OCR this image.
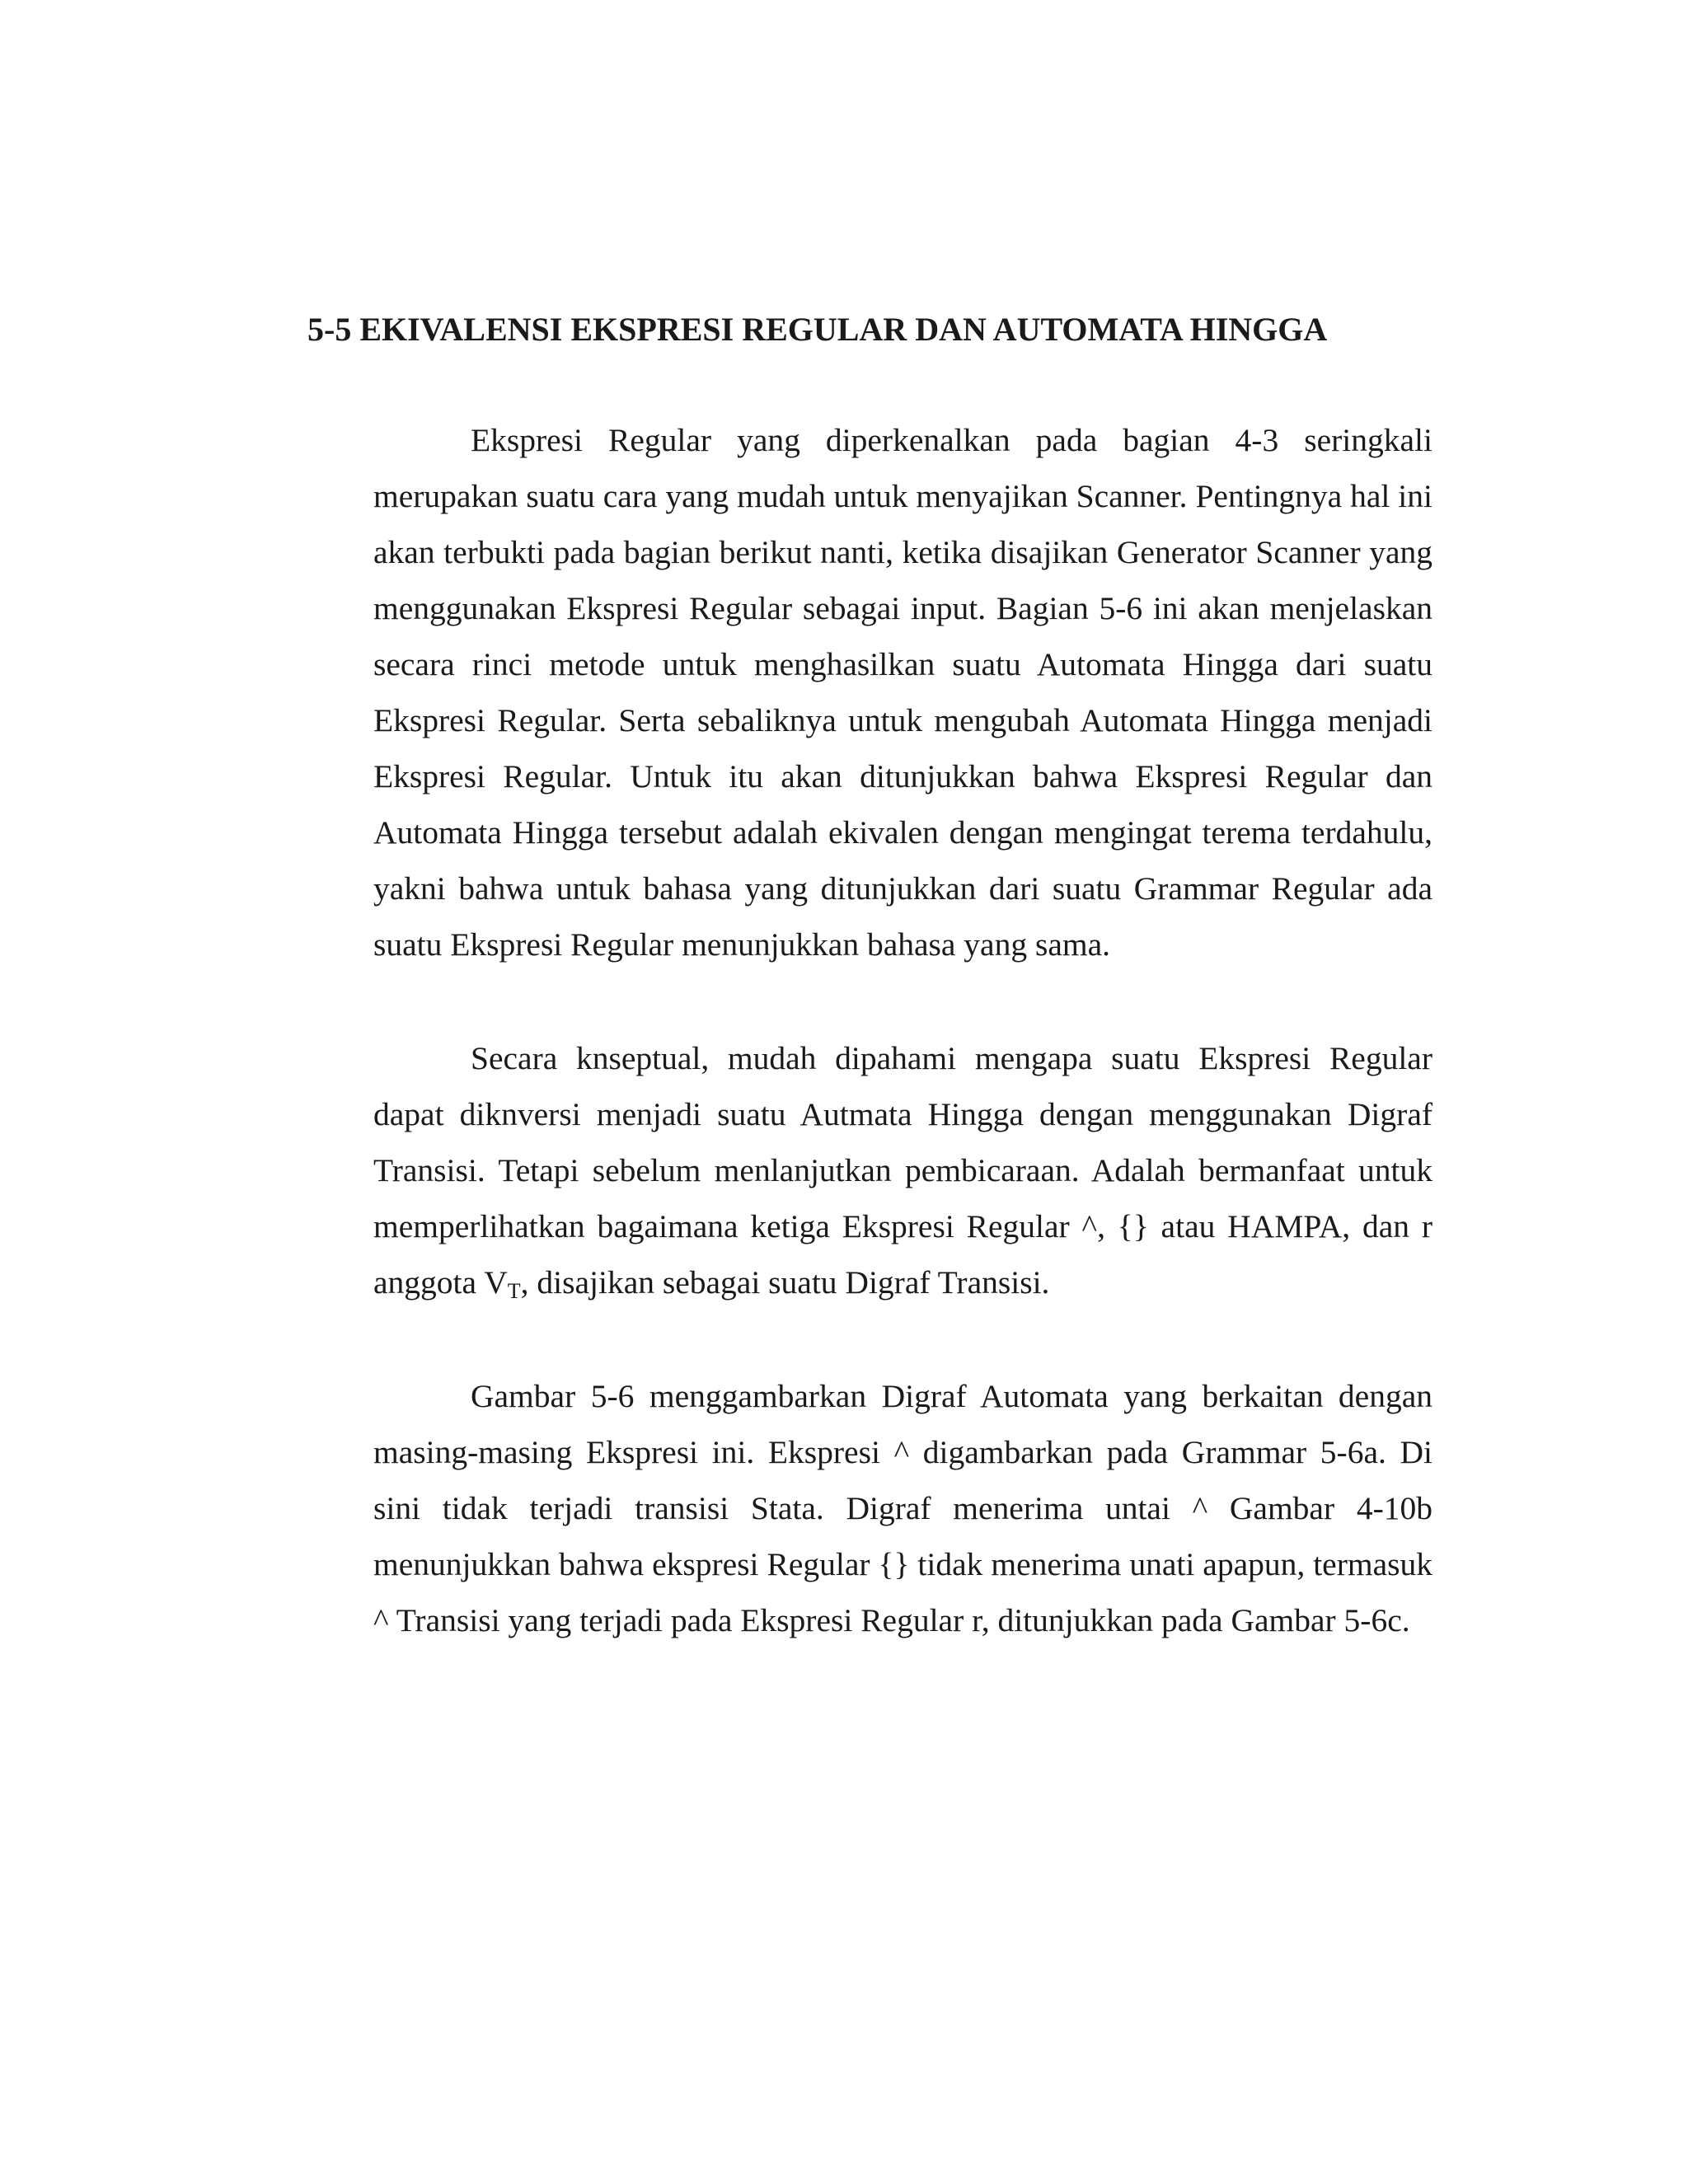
5-5 EKIVALENSI EKSPRESI REGULAR DAN AUTOMATA HINGGA

Ekspresi Regular yang diperkenalkan pada bagian 4-3 seringkali merupakan suatu cara yang mudah untuk menyajikan Scanner. Pentingnya hal ini akan terbukti pada bagian berikut nanti, ketika disajikan Generator Scanner yang menggunakan Ekspresi Regular sebagai input. Bagian 5-6 ini akan menjelaskan secara rinci metode untuk menghasilkan suatu Automata Hingga dari suatu Ekspresi Regular. Serta sebaliknya untuk mengubah Automata Hingga menjadi Ekspresi Regular. Untuk itu akan ditunjukkan bahwa Ekspresi Regular dan Automata Hingga tersebut adalah ekivalen dengan mengingat terema terdahulu, yakni bahwa untuk bahasa yang ditunjukkan dari suatu Grammar Regular ada suatu Ekspresi Regular menunjukkan bahasa yang sama.

Secara knseptual, mudah dipahami mengapa suatu Ekspresi Regular dapat diknversi menjadi suatu Autmata Hingga dengan menggunakan Digraf Transisi. Tetapi sebelum menlanjutkan pembicaraan. Adalah bermanfaat untuk memperlihatkan bagaimana ketiga Ekspresi Regular ^, {} atau HAMPA, dan r anggota $V_T$, disajikan sebagai suatu Digraf Transisi.

Gambar 5-6 menggambarkan Digraf Automata yang berkaitan dengan masing-masing Ekspresi ini. Ekspresi ^ digambarkan pada Grammar 5-6a. Di sini tidak terjadi transisi Stata. Digraf menerima untai ^ Gambar 4-10b menunjukkan bahwa ekspresi Regular {} tidak menerima unati apapun, termasuk ^ Transisi yang terjadi pada Ekspresi Regular r, ditunjukkan pada Gambar 5-6c.
